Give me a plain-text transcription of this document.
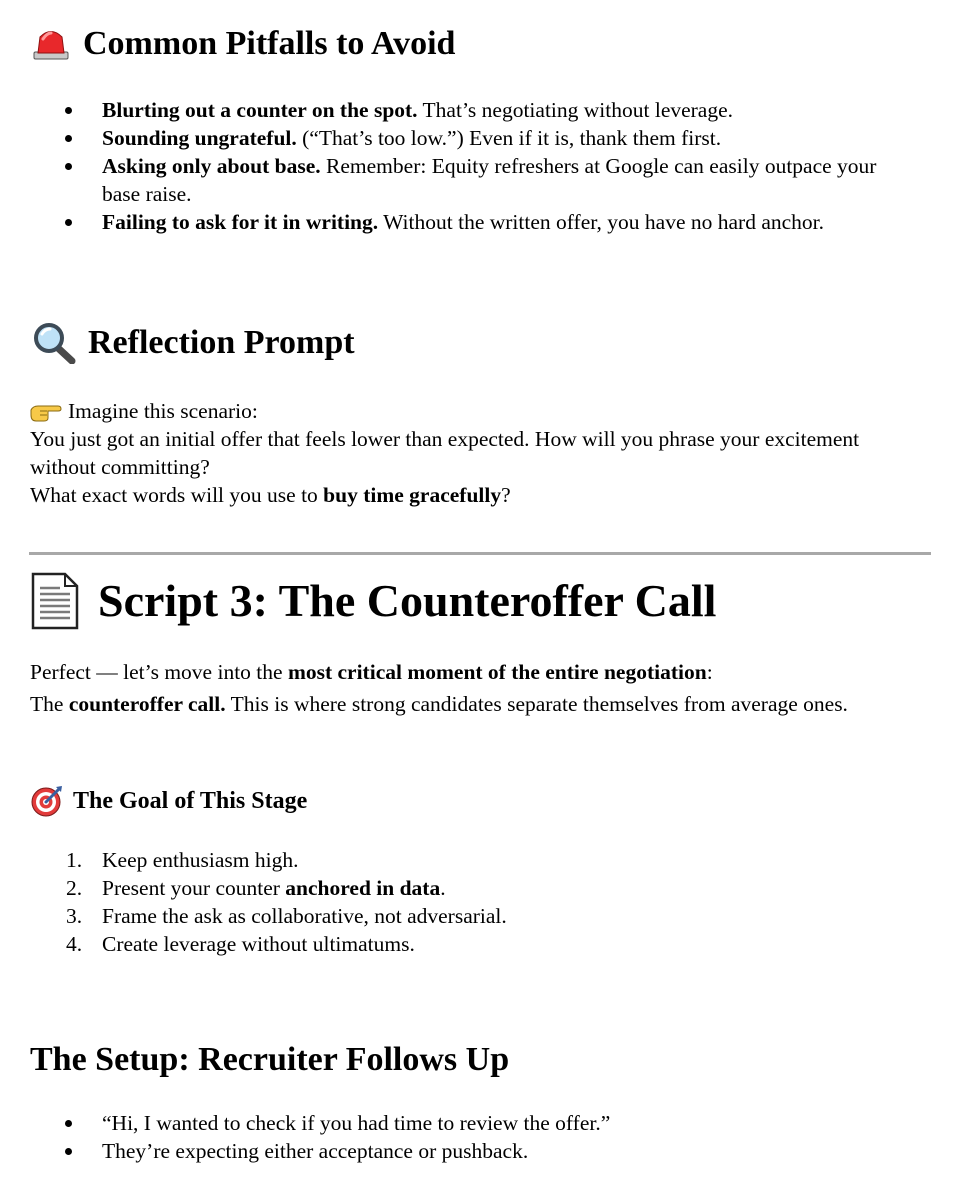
Common Pitfalls to Avoid
Blurting out a counter on the spot. That’s negotiating without leverage.
Sounding ungrateful. (“That’s too low.”) Even if it is, thank them first.
Asking only about base. Remember: Equity refreshers at Google can easily outpace your base raise.
Failing to ask for it in writing. Without the written offer, you have no hard anchor.
Reflection Prompt

Imagine this scenario:

You just got an initial offer that feels lower than expected. How will you phrase your excitement without committing?

What exact words will you use to buy time gracefully?

Script 3: The Counteroffer Call

Perfect — let’s move into the most critical moment of the entire negotiation:

The counteroffer call. This is where strong candidates separate themselves from average ones.

The Goal of This Stage
1. Keep enthusiasm high.
2. Present your counter anchored in data.
3. Frame the ask as collaborative, not adversarial.
4. Create leverage without ultimatums.
The Setup: Recruiter Follows Up
“Hi, I wanted to check if you had time to review the offer.”
They’re expecting either acceptance or pushback.
